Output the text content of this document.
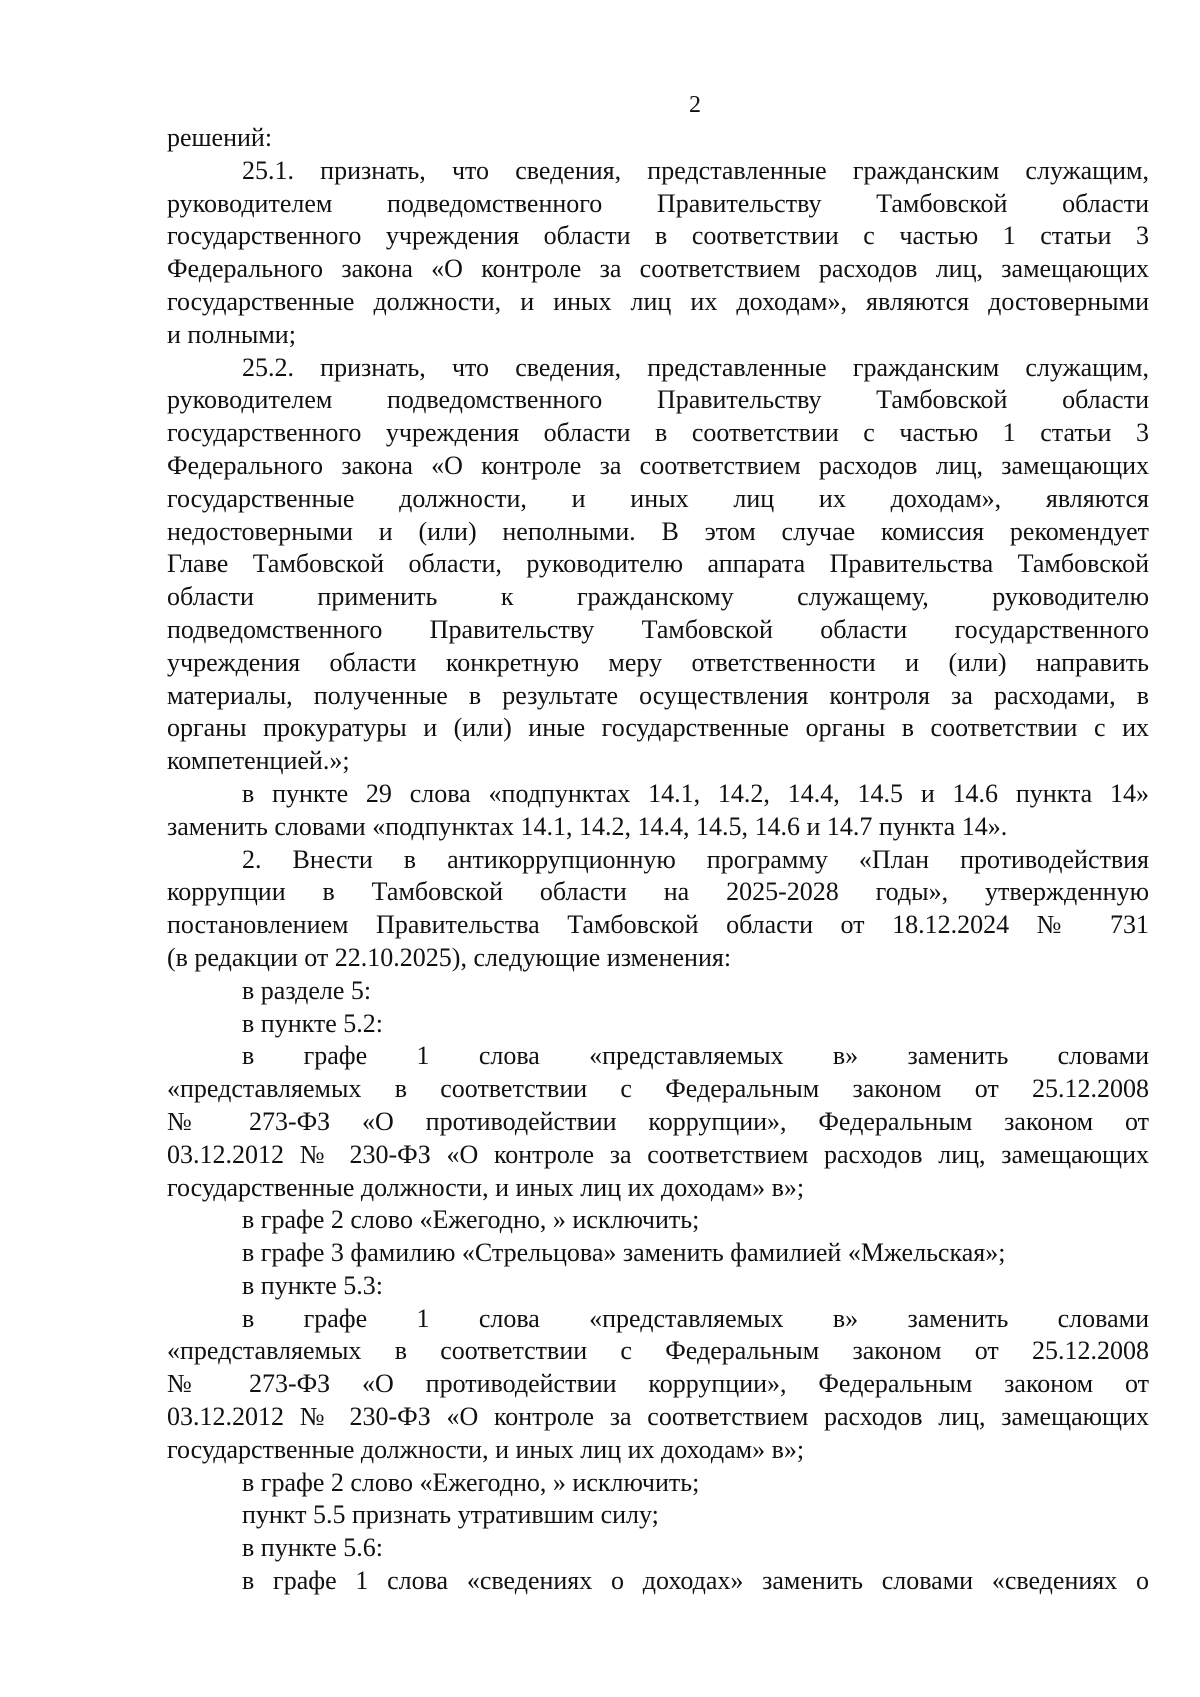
2
решений:
25.1. признать, что сведения, представленные гражданским служащим,
руководителем подведомственного Правительству Тамбовской области
государственного учреждения области в соответствии с частью 1 статьи 3
Федерального закона «О контроле за соответствием расходов лиц, замещающих
государственные должности, и иных лиц их доходам», являются достоверными
и полными;
25.2. признать, что сведения, представленные гражданским служащим,
руководителем подведомственного Правительству Тамбовской области
государственного учреждения области в соответствии с частью 1 статьи 3
Федерального закона «О контроле за соответствием расходов лиц, замещающих
государственные должности, и иных лиц их доходам», являются
недостоверными и (или) неполными. В этом случае комиссия рекомендует
Главе Тамбовской области, руководителю аппарата Правительства Тамбовской
области применить к гражданскому служащему, руководителю
подведомственного Правительству Тамбовской области государственного
учреждения области конкретную меру ответственности и (или) направить
материалы, полученные в результате осуществления контроля за расходами, в
органы прокуратуры и (или) иные государственные органы в соответствии с их
компетенцией.»;
в пункте 29 слова «подпунктах 14.1, 14.2, 14.4, 14.5 и 14.6 пункта 14»
заменить словами «подпунктах 14.1, 14.2, 14.4, 14.5, 14.6 и 14.7 пункта 14».
2. Внести в антикоррупционную программу «План противодействия
коррупции в Тамбовской области на 2025-2028 годы», утвержденную
постановлением Правительства Тамбовской области от 18.12.2024 № 731
(в редакции от 22.10.2025), следующие изменения:
в разделе 5:
в пункте 5.2:
в графе 1 слова «представляемых в» заменить словами
«представляемых в соответствии с Федеральным законом от 25.12.2008
№ 273-ФЗ «О противодействии коррупции», Федеральным законом от
03.12.2012 № 230-ФЗ «О контроле за соответствием расходов лиц, замещающих
государственные должности, и иных лиц их доходам» в»;
в графе 2 слово «Ежегодно, » исключить;
в графе 3 фамилию «Стрельцова» заменить фамилией «Мжельская»;
в пункте 5.3:
в графе 1 слова «представляемых в» заменить словами
«представляемых в соответствии с Федеральным законом от 25.12.2008
№ 273-ФЗ «О противодействии коррупции», Федеральным законом от
03.12.2012 № 230-ФЗ «О контроле за соответствием расходов лиц, замещающих
государственные должности, и иных лиц их доходам» в»;
в графе 2 слово «Ежегодно, » исключить;
пункт 5.5 признать утратившим силу;
в пункте 5.6:
в графе 1 слова «сведениях о доходах» заменить словами «сведениях о
